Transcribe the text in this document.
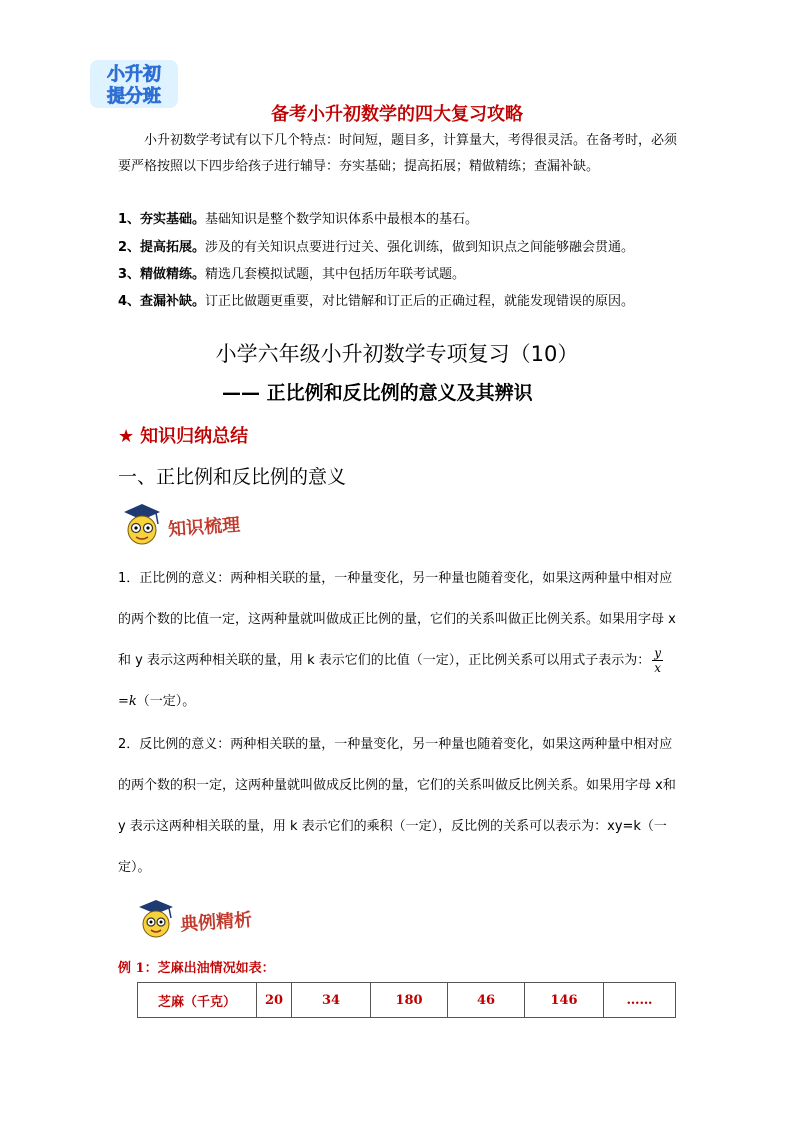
小升初
提分班
备考小升初数学的四大复习攻略
小升初数学考试有以下几个特点：时间短，题目多，计算量大，考得很灵活。在备考时，必须要严格按照以下四步给孩子进行辅导：夯实基础；提高拓展；精做精练；查漏补缺。
1、夯实基础。基础知识是整个数学知识体系中最根本的基石。
2、提高拓展。涉及的有关知识点要进行过关、强化训练，做到知识点之间能够融会贯通。
3、精做精练。精选几套模拟试题，其中包括历年联考试题。
4、查漏补缺。订正比做题更重要，对比错解和订正后的正确过程，就能发现错误的原因。
小学六年级小升初数学专项复习（10）
—— 正比例和反比例的意义及其辨识
★ 知识归纳总结
一、正比例和反比例的意义
知识梳理
1．正比例的意义：两种相关联的量，一种量变化，另一种量也随着变化，如果这两种量中相对应的两个数的比值一定，这两种量就叫做成正比例的量，它们的关系叫做正比例关系。如果用字母 x和 y 表示这两种相关联的量，用 k 表示它们的比值（一定），正比例关系可以用式子表示为： $\frac{y}{x}$
=k（一定）。
2．反比例的意义：两种相关联的量，一种量变化，另一种量也随着变化，如果这两种量中相对应的两个数的积一定，这两种量就叫做成反比例的量，它们的关系叫做反比例关系。如果用字母 x和 y 表示这两种相关联的量，用 k 表示它们的乘积（一定），反比例的关系可以表示为：xy=k（一定）。
典例精析
例 1：芝麻出油情况如表：
芝麻（千克）	20	34	180	46	146	……
